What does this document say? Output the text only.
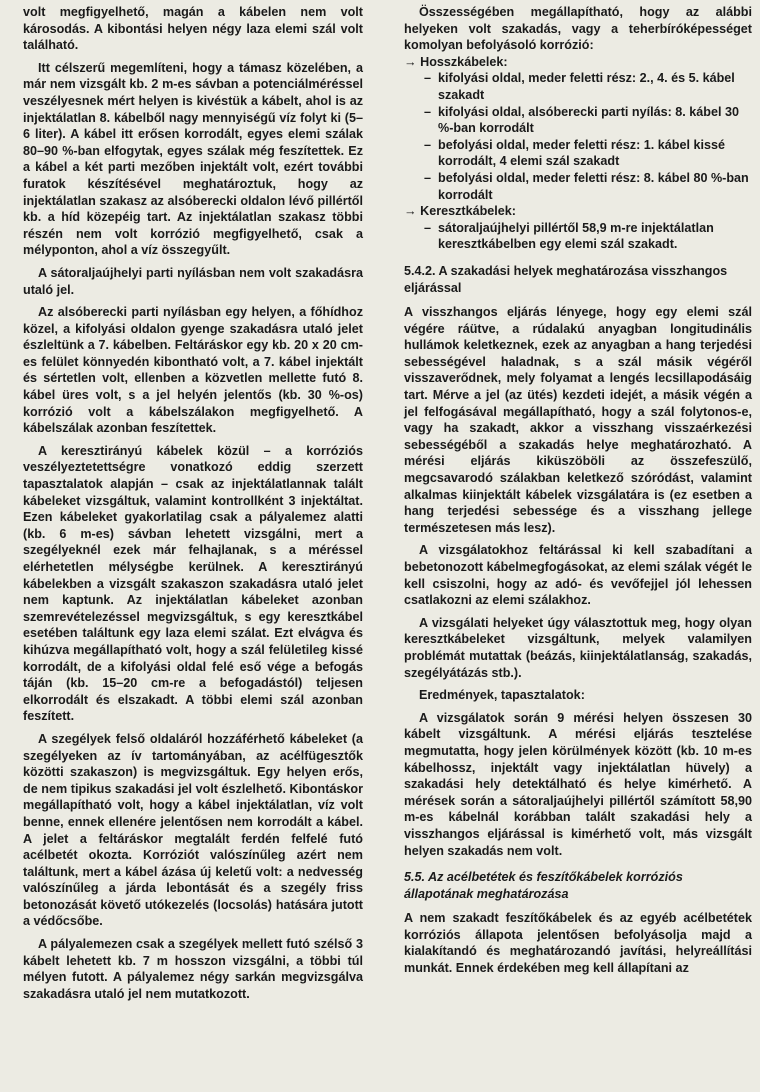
volt megfigyelhető, magán a kábelen nem volt károsodás. A kibontási helyen négy laza elemi szál volt található.

Itt célszerű megemlíteni, hogy a támasz közelében, a már nem vizsgált kb. 2 m-es sávban a potenciálméréssel veszélyesnek mért helyen is kivéstük a kábelt, ahol is az injektálatlan 8. kábelből nagy mennyiségű víz folyt ki (5–6 liter). A kábel itt erősen korrodált, egyes elemi szálak 80–90 %-ban elfogytak, egyes szálak még feszítettek. Ez a kábel a két parti mezőben injektált volt, ezért további furatok készítésével meghatároztuk, hogy az injektálatlan szakasz az alsóberecki oldalon lévő pillértől kb. a híd közepéig tart. Az injektálatlan szakasz többi részén nem volt korrózió megfigyelhető, csak a mélyponton, ahol a víz összegyűlt.

A sátoraljaújhelyi parti nyílásban nem volt szakadásra utaló jel.

Az alsóberecki parti nyílásban egy helyen, a főhídhoz közel, a kifolyási oldalon gyenge szakadásra utaló jelet észleltünk a 7. kábelben. Feltáráskor egy kb. 20 x 20 cm-es felület könnyedén kibontható volt, a 7. kábel injektált és sértetlen volt, ellenben a közvetlen mellette futó 8. kábel üres volt, s a jel helyén jelentős (kb. 30 %-os) korrózió volt a kábelszálakon megfigyelhető. A kábelszálak azonban feszítettek.

A keresztirányú kábelek közül – a korróziós veszélyeztetettségre vonatkozó eddig szerzett tapasztalatok alapján – csak az injektálatlannak talált kábeleket vizsgáltuk, valamint kontrollként 3 injektáltat. Ezen kábeleket gyakorlatilag csak a pályalemez alatti (kb. 6 m-es) sávban lehetett vizsgálni, mert a szegélyeknél ezek már felhajlanak, s a méréssel elérhetetlen mélységbe kerülnek. A keresztirányú kábelekben a vizsgált szakaszon szakadásra utaló jelet nem kaptunk. Az injektálatlan kábeleket azonban szemrevételezéssel megvizsgáltuk, s egy keresztkábel esetében találtunk egy laza elemi szálat. Ezt elvágva és kihúzva megállapítható volt, hogy a szál felületileg kissé korrodált, de a kifolyási oldal felé eső vége a befogás táján (kb. 15–20 cm-re a befogadástól) teljesen elkorrodált és elszakadt. A többi elemi szál azonban feszített.

A szegélyek felső oldaláról hozzáférhető kábeleket (a szegélyeken az ív tartományában, az acélfügesztők közötti szakaszon) is megvizsgáltuk. Egy helyen erős, de nem tipikus szakadási jel volt észlelhető. Kibontáskor megállapítható volt, hogy a kábel injektálatlan, víz volt benne, ennek ellenére jelentősen nem korrodált a kábel. A jelet a feltáráskor megtalált ferdén felfelé futó acélbetét okozta. Korróziót valószínűleg azért nem találtunk, mert a kábel ázása új keletű volt: a nedvesség valószínűleg a járda lebontását és a szegély friss betonozását követő utókezelés (locsolás) hatására jutott a védőcsőbe.

A pályalemezen csak a szegélyek mellett futó szélső 3 kábelt lehetett kb. 7 m hosszon vizsgálni, a többi túl mélyen futott. A pályalemez négy sarkán megvizsgálva szakadásra utaló jel nem mutatkozott.

Összességében megállapítható, hogy az alábbi helyeken volt szakadás, vagy a teherbíróképességet komolyan befolyásoló korrózió:

→ Hosszkábelek:
– kifolyási oldal, meder feletti rész: 2., 4. és 5. kábel szakadt
– kifolyási oldal, alsóberecki parti nyílás: 8. kábel 30 %-ban korrodált
– befolyási oldal, meder feletti rész: 1. kábel kissé korrodált, 4 elemi szál szakadt
– befolyási oldal, meder feletti rész: 8. kábel 80 %-ban korrodált
→ Keresztkábelek:
– sátoraljaújhelyi pillértől 58,9 m-re injektálatlan keresztkábelben egy elemi szál szakadt.
5.4.2. A szakadási helyek meghatározása visszhangos eljárással

A visszhangos eljárás lényege, hogy egy elemi szál végére ráütve, a rúdalakú anyagban longitudinális hullámok keletkeznek, ezek az anyagban a hang terjedési sebességével haladnak, s a szál másik végéről visszaverődnek, mely folyamat a lengés lecsillapodásáig tart. Mérve a jel (az ütés) kezdeti idejét, a másik végén a jel felfogásával megállapítható, hogy a szál folytonos-e, vagy ha szakadt, akkor a visszhang visszaérkezési sebességéből a szakadás helye meghatározható. A mérési eljárás kiküszöböli az összefeszülő, megcsavarodó szálakban keletkező szóródást, valamint alkalmas kiinjektált kábelek vizsgálatára is (ez esetben a hang terjedési sebessége és a visszhang jellege természetesen más lesz).

A vizsgálatokhoz feltárással ki kell szabadítani a bebetonozott kábelmegfogásokat, az elemi szálak végét le kell csiszolni, hogy az adó- és vevőfejjel jól lehessen csatlakozni az elemi szálakhoz.

A vizsgálati helyeket úgy választottuk meg, hogy olyan keresztkábeleket vizsgáltunk, melyek valamilyen problémát mutattak (beázás, kiinjektálatlanság, szakadás, szegélyátázás stb.).

Eredmények, tapasztalatok:

A vizsgálatok során 9 mérési helyen összesen 30 kábelt vizsgáltunk. A mérési eljárás tesztelése megmutatta, hogy jelen körülmények között (kb. 10 m-es kábelhossz, injektált vagy injektálatlan hüvely) a szakadási hely detektálható és helye kimérhető. A mérések során a sátoraljaújhelyi pillértől számított 58,90 m-es kábelnál korábban talált szakadási hely a visszhangos eljárással is kimérhető volt, más vizsgált helyen szakadás nem volt.

5.5. Az acélbetétek és feszítőkábelek korróziós állapotának meghatározása

A nem szakadt feszítőkábelek és az egyéb acélbetétek korróziós állapota jelentősen befolyásolja majd a kialakítandó és meghatározandó javítási, helyreállítási munkát. Ennek érdekében meg kell állapítani az
